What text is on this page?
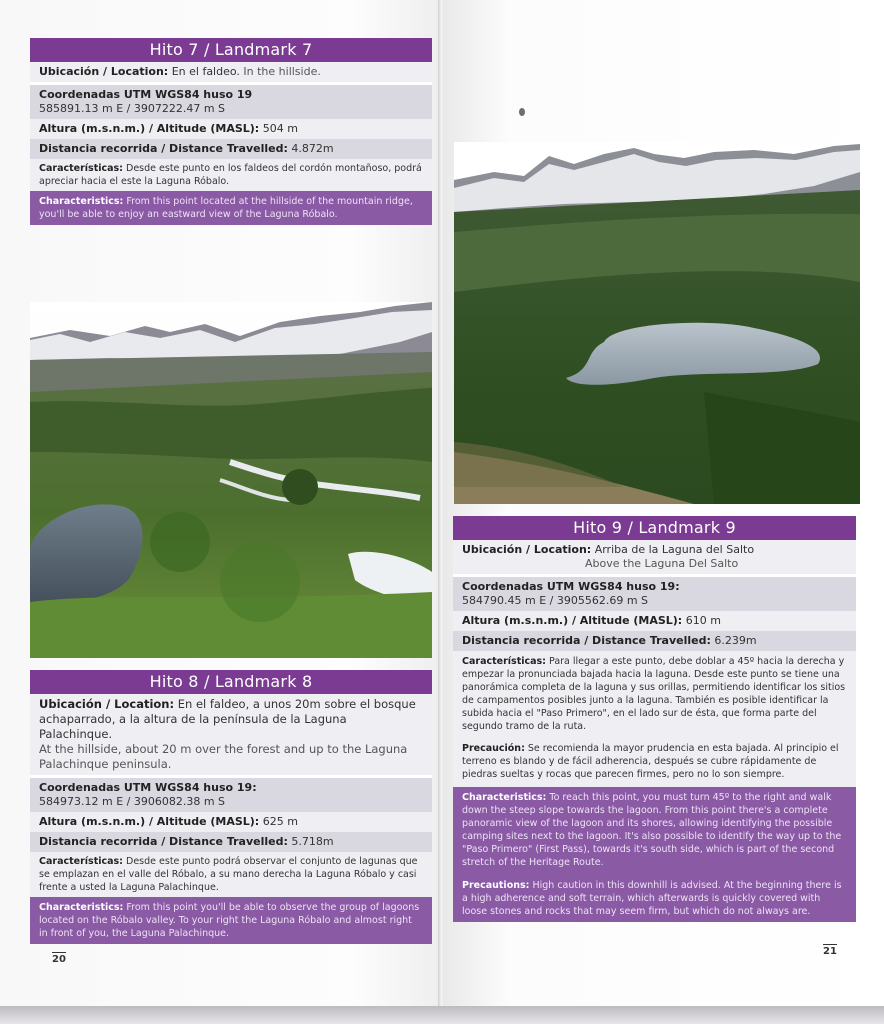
Hito 7 / Landmark 7
Ubicación / Location: En el faldeo. In the hillside.
Coordenadas UTM WGS84 huso 19
585891.13 m E / 3907222.47 m S
Altura (m.s.n.m.) / Altitude (MASL): 504 m
Distancia recorrida / Distance Travelled: 4.872m
Características: Desde este punto en los faldeos del cordón montañoso, podrá apreciar hacia el este la Laguna Róbalo.
Characteristics: From this point located at the hillside of the mountain ridge, you'll be able to enjoy an eastward view of the Laguna Róbalo.
Hito 8 / Landmark 8
Ubicación / Location: En el faldeo, a unos 20m sobre el bosque achaparrado, a la altura de la península de la Laguna Palachinque.
At the hillside, about 20 m over the forest and up to the Laguna Palachinque peninsula.
Coordenadas UTM WGS84 huso 19:
584973.12 m E / 3906082.38 m S
Altura (m.s.n.m.) / Altitude (MASL): 625 m
Distancia recorrida / Distance Travelled: 5.718m
Características: Desde este punto podrá observar el conjunto de lagunas que se emplazan en el valle del Róbalo, a su mano derecha la Laguna Róbalo y casi frente a usted la Laguna Palachinque.
Characteristics: From this point you'll be able to observe the group of lagoons located on the Róbalo valley. To your right the Laguna Róbalo and almost right in front of you, the Laguna Palachinque.
20
Hito 9 / Landmark 9
Ubicación / Location: Arriba de la Laguna del Salto
Above the Laguna Del Salto
Coordenadas UTM WGS84 huso 19:
584790.45 m E / 3905562.69 m S
Altura (m.s.n.m.) / Altitude (MASL): 610 m
Distancia recorrida / Distance Travelled: 6.239m
Características: Para llegar a este punto, debe doblar a 45º hacia la derecha y empezar la pronunciada bajada hacia la laguna. Desde este punto se tiene una panorámica completa de la laguna y sus orillas, permitiendo identificar los sitios de campamentos posibles junto a la laguna. También es posible identificar la subida hacia el "Paso Primero", en el lado sur de ésta, que forma parte del segundo tramo de la ruta.
Precaución: Se recomienda la mayor prudencia en esta bajada. Al principio el terreno es blando y de fácil adherencia, después se cubre rápidamente de piedras sueltas y rocas que parecen firmes, pero no lo son siempre.
Characteristics: To reach this point, you must turn 45º to the right and walk down the steep slope towards the lagoon. From this point there's a complete panoramic view of the lagoon and its shores, allowing identifying the possible camping sites next to the lagoon. It's also possible to identify the way up to the "Paso Primero" (First Pass), towards it's south side, which is part of the second stretch of the Heritage Route.
Precautions: High caution in this downhill is advised. At the beginning there is a high adherence and soft terrain, which afterwards is quickly covered with loose stones and rocks that may seem firm, but which do not always are.
21
